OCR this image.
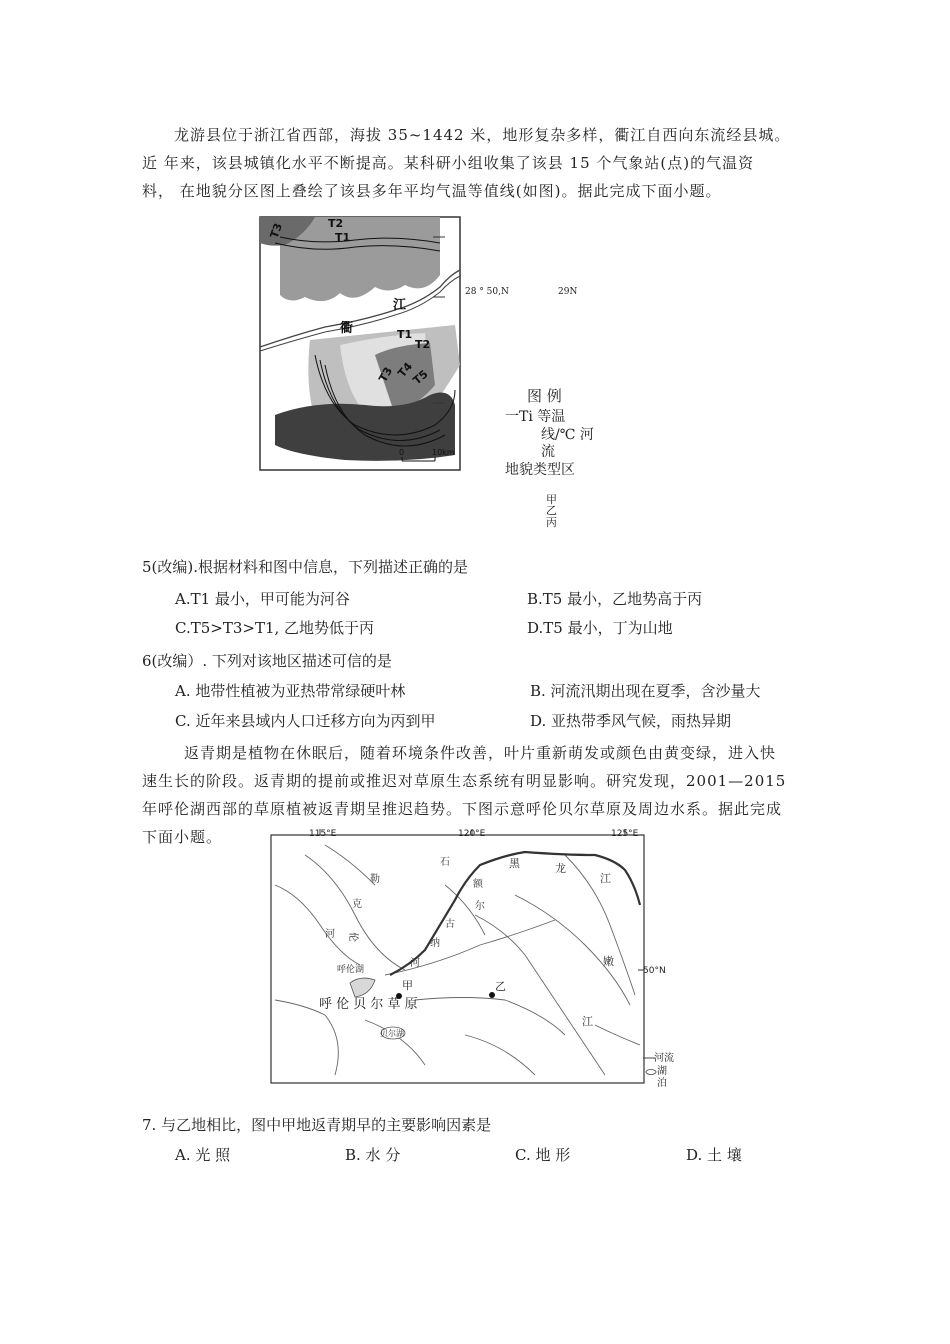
龙游县位于浙江省西部，海拔 35~1442 米，地形复杂多样，衢江自西向东流经县城。
近 年来，该县城镇化水平不断提高。某科研小组收集了该县 15 个气象站(点)的气温资
料， 在地貌分区图上叠绘了该县多年平均气温等值线(如图)。据此完成下面小题。
T3	T2
T1
江
衢	T1
T2
T3 T4
T5
0	10km
28 ° 50,N	29N
图 例
一Ti 等温
线/℃ 河
流
地貌类型区
甲
乙
丙
5(改编).根据材料和图中信息，下列描述正确的是
A.T1 最小，甲可能为河谷	B.T5 最小，乙地势高于丙
C.T5>T3>T1, 乙地势低于丙	D.T5 最小，丁为山地
6(改编）. 下列对该地区描述可信的是
A. 地带性植被为亚热带常绿硬叶林	B. 河流汛期出现在夏季，含沙量大
C. 近年来县域内人口迁移方向为丙到甲	D. 亚热带季风气候，雨热异期
返青期是植物在休眠后，随着环境条件改善，叶片重新萌发或颜色由黄变绿，进入快
速生长的阶段。返青期的提前或推迟对草原生态系统有明显影响。研究发现，2001—2015
年呼伦湖西部的草原植被返青期呈推迟趋势。下图示意呼伦贝尔草原及周边水系。据此完成
下面小题。	115°E	120°E	125°E
50°N
黑	龙
江
石
额
尔
古
纳
河
克
勒
伦
河
嫩
江
呼伦湖
甲	乙
呼 伦 贝 尔 草 原
贝尔湖
河流
湖
泊
7. 与乙地相比，图中甲地返青期早的主要影响因素是
A. 光 照	B. 水 分	C. 地 形	D. 土 壤
